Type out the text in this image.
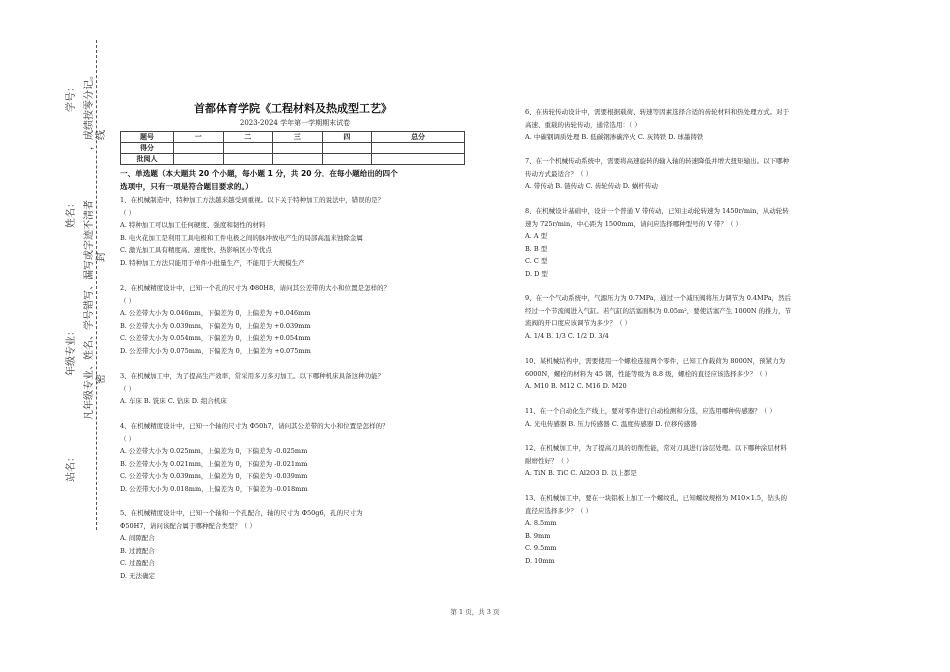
学号：
姓名：
年级专业：
站名：
，成绩按零分记。
凡年级专业、姓名、学号错写、漏写或字迹不清者
线
封
密
首都体育学院《工程材料及热成型工艺》
2023-2024 学年第一学期期末试卷
题号	一	二	三	四	总分
得分					
批阅人					
一、单选题（本大题共 20 个小题，每小题 1 分，共 20 分．在每小题给出的四个
选项中，只有一项是符合题目要求的。）
1、在机械制造中，特种加工方法越来越受到重视。以下关于特种加工的说法中，错误的是？
（ ）
A. 特种加工可以加工任何硬度、强度和韧性的材料
B. 电火花加工是利用工具电极和工件电极之间的脉冲放电产生的局部高温来蚀除金属
C. 激光加工具有精度高、速度快、热影响区小等优点
D. 特种加工方法只能用于单件小批量生产，不能用于大规模生产
2、在机械精度设计中，已知一个孔的尺寸为 Φ80H8，请问其公差带的大小和位置是怎样的？
（ ）
A. 公差带大小为 0.046mm，下偏差为 0，上偏差为 +0.046mm
B. 公差带大小为 0.039mm，下偏差为 0，上偏差为 +0.039mm
C. 公差带大小为 0.054mm，下偏差为 0，上偏差为 +0.054mm
D. 公差带大小为 0.075mm，下偏差为 0，上偏差为 +0.075mm
3、在机械加工中，为了提高生产效率，常采用多刀多刃加工。以下哪种机床具备这种功能？
（ ）
A. 车床 B. 铣床 C. 钻床 D. 组合机床
4、在机械精度设计中，已知一个轴的尺寸为 Φ50h7，请问其公差带的大小和位置是怎样的？
（ ）
A. 公差带大小为 0.025mm，上偏差为 0，下偏差为 -0.025mm
B. 公差带大小为 0.021mm，上偏差为 0，下偏差为 -0.021mm
C. 公差带大小为 0.039mm，上偏差为 0，下偏差为 -0.039mm
D. 公差带大小为 0.018mm，上偏差为 0，下偏差为 -0.018mm
5、在机械精度设计中，已知一个轴和一个孔配合，轴的尺寸为 Φ50g6，孔的尺寸为
Φ50H7，请问该配合属于哪种配合类型？（ ）
A. 间隙配合
B. 过渡配合
C. 过盈配合
D. 无法确定
6、在齿轮传动设计中，需要根据载荷、转速等因素选择合适的齿轮材料和热处理方式。对于
高速、重载的齿轮传动，通常选用：（ ）
A. 中碳钢调质处理 B. 低碳钢渗碳淬火 C. 灰铸铁 D. 球墨铸铁
7、在一个机械传动系统中，需要将高速旋转的输入轴的转速降低并增大扭矩输出。以下哪种
传动方式最适合？（ ）
A. 带传动 B. 链传动 C. 齿轮传动 D. 蜗杆传动
8、在机械设计基础中，设计一个普通 V 带传动，已知主动轮转速为 1450r/min，从动轮转
速为 725r/min，中心距为 1500mm，请问应选择哪种型号的 V 带？（ ）
A. A 型
B. B 型
C. C 型
D. D 型
9、在一个气动系统中，气源压力为 0.7MPa，通过一个减压阀将压力调节为 0.4MPa，然后
经过一个节流阀进入气缸。若气缸的活塞面积为 0.05m²，要使活塞产生 1000N 的推力，节
流阀的开口度应该调节为多少？（ ）
A. 1/4 B. 1/3 C. 1/2 D. 3/4
10、某机械结构中，需要使用一个螺栓连接两个零件，已知工作载荷为 8000N，预紧力为
6000N，螺栓的材料为 45 钢，性能等级为 8.8 级，螺栓的直径应该选择多少？（ ）
A. M10 B. M12 C. M16 D. M20
11、在一个自动化生产线上，要对零件进行自动检测和分选，应选用哪种传感器？（ ）
A. 光电传感器 B. 压力传感器 C. 温度传感器 D. 位移传感器
12、在机械加工中，为了提高刀具的切削性能，常对刀具进行涂层处理。以下哪种涂层材料
耐磨性好？（ ）
A. TiN B. TiC C. Al2O3 D. 以上都是
13、在机械加工中，要在一块铝板上加工一个螺纹孔，已知螺纹规格为 M10×1.5，钻头的
直径应选择多少？（ ）
A. 8.5mm
B. 9mm
C. 9.5mm
D. 10mm
第 1 页，共 3 页
